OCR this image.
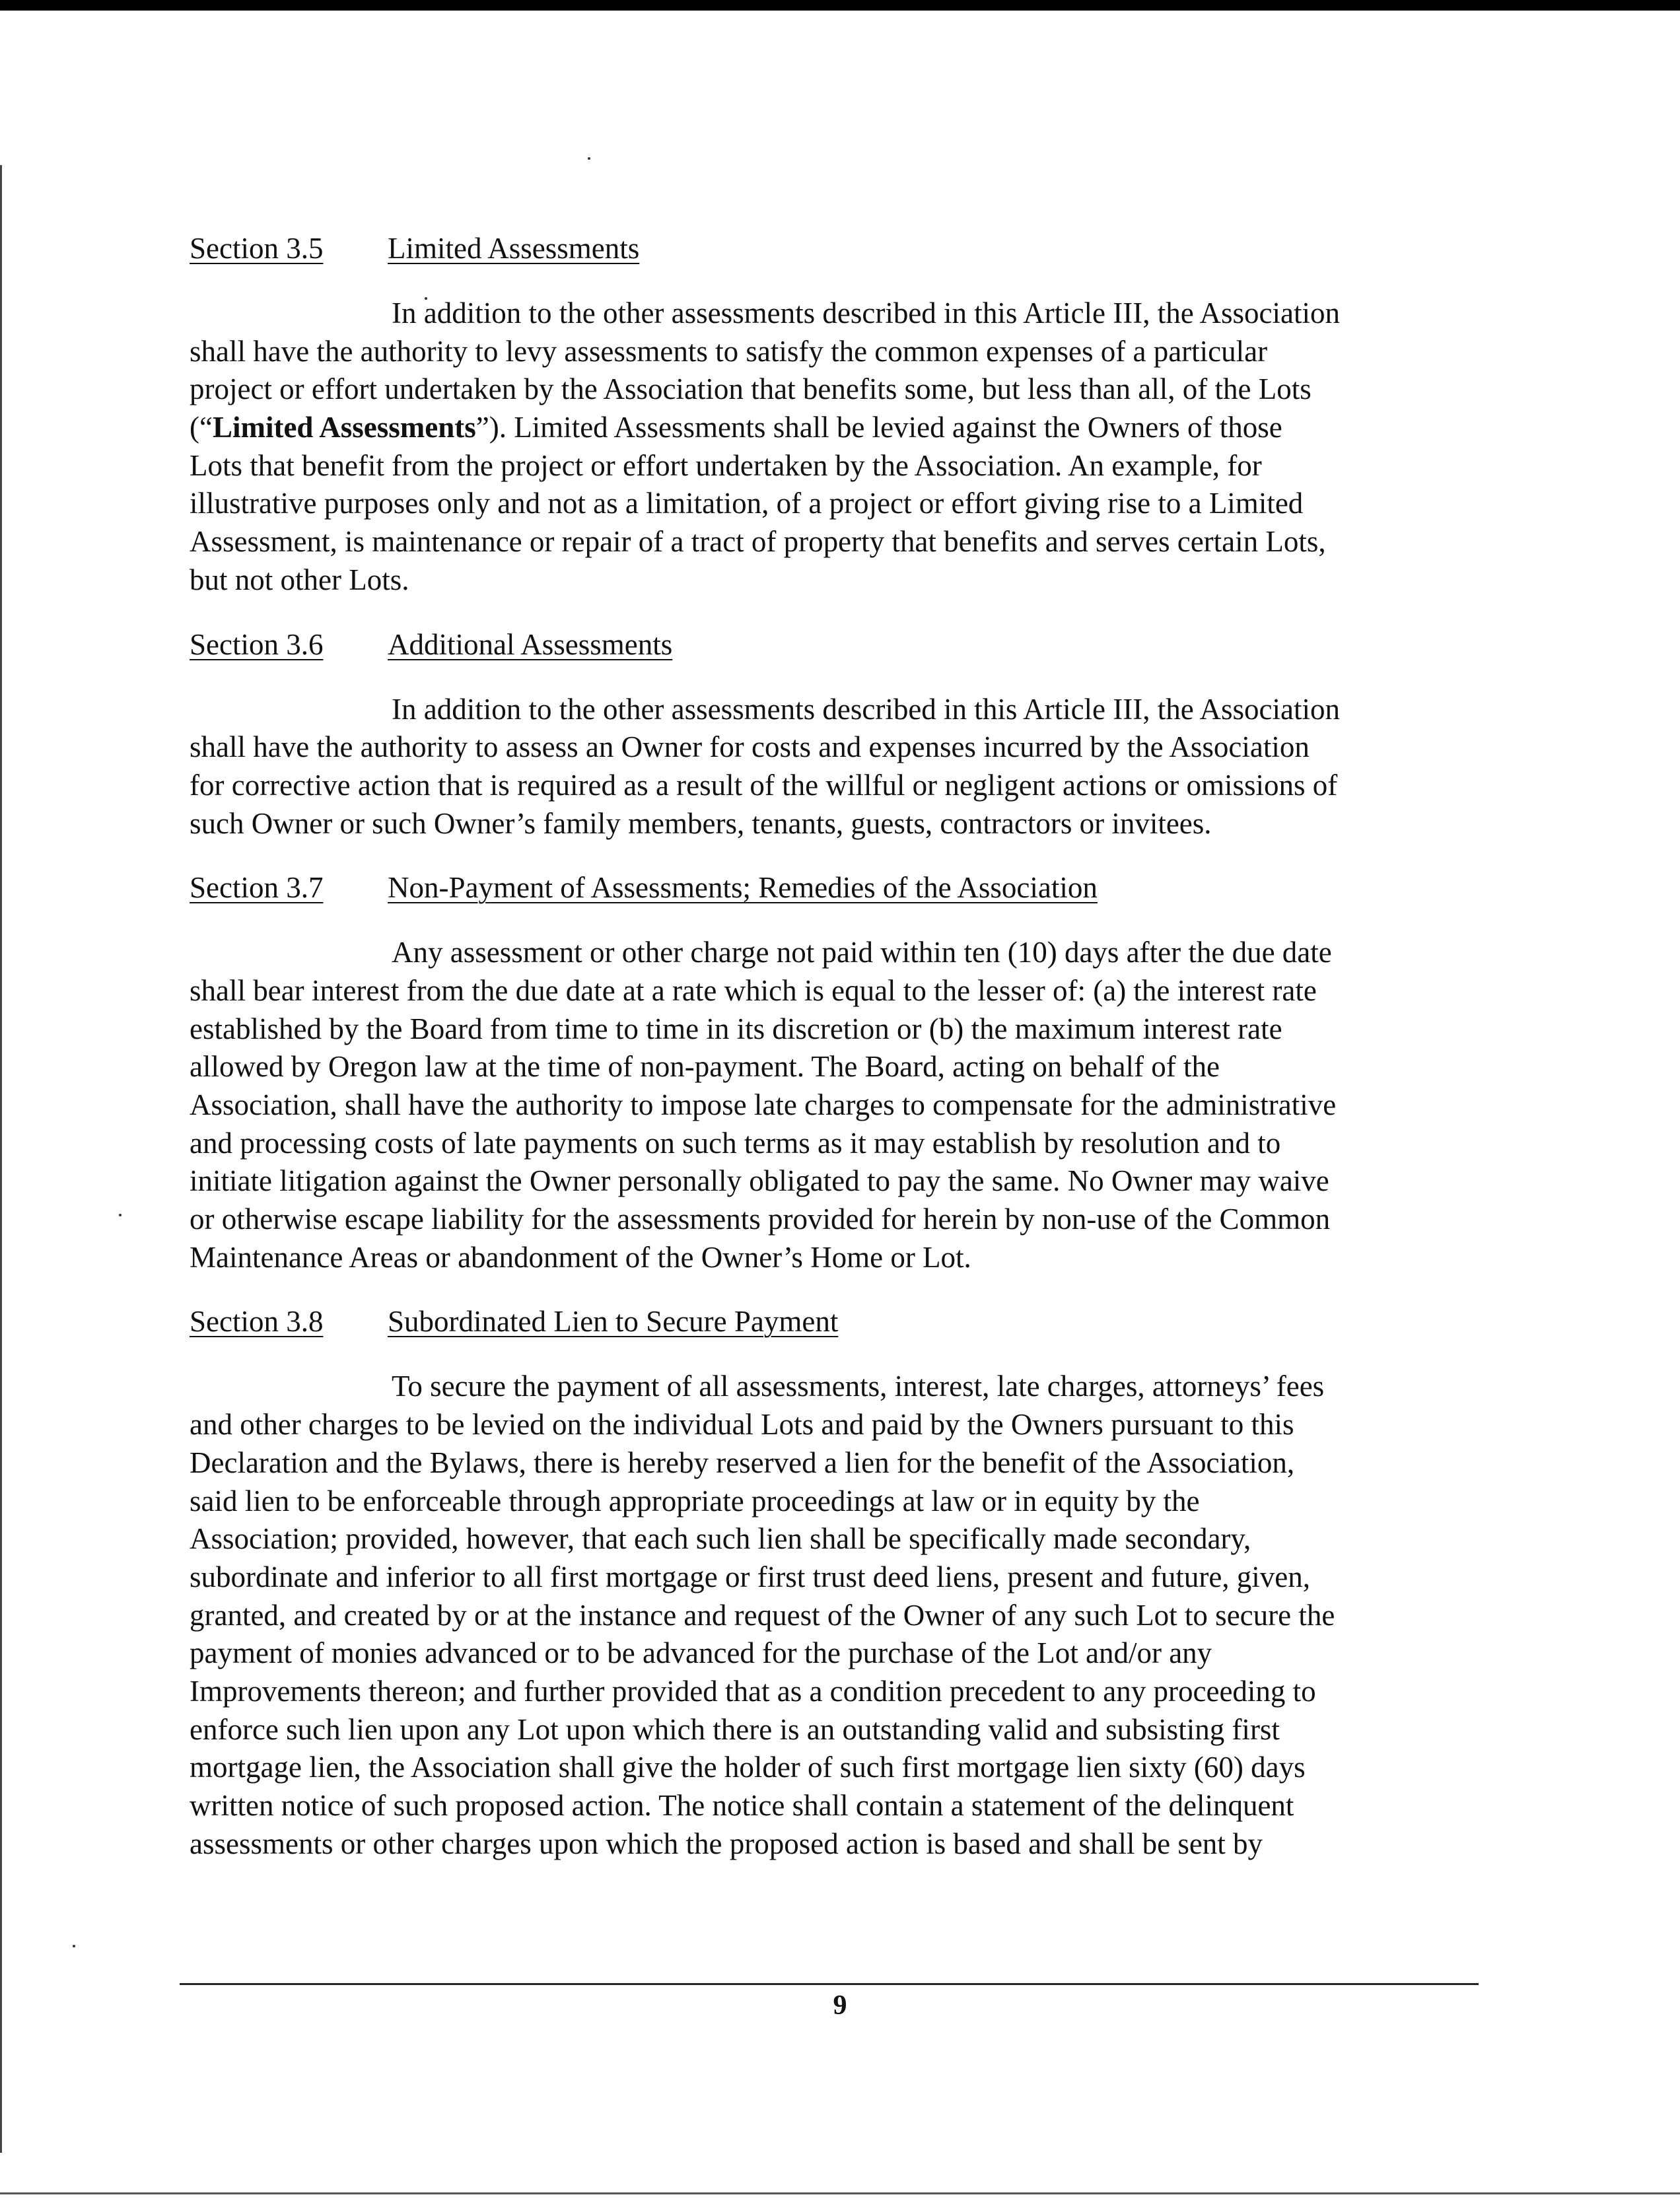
Section 3.5	Limited Assessments
In addition to the other assessments described in this Article III, the Association
shall have the authority to levy assessments to satisfy the common expenses of a particular
project or effort undertaken by the Association that benefits some, but less than all, of the Lots
(“Limited Assessments”). Limited Assessments shall be levied against the Owners of those
Lots that benefit from the project or effort undertaken by the Association. An example, for
illustrative purposes only and not as a limitation, of a project or effort giving rise to a Limited
Assessment, is maintenance or repair of a tract of property that benefits and serves certain Lots,
but not other Lots.
Section 3.6	Additional Assessments
In addition to the other assessments described in this Article III, the Association
shall have the authority to assess an Owner for costs and expenses incurred by the Association
for corrective action that is required as a result of the willful or negligent actions or omissions of
such Owner or such Owner’s family members, tenants, guests, contractors or invitees.
Section 3.7	Non-Payment of Assessments; Remedies of the Association
Any assessment or other charge not paid within ten (10) days after the due date
shall bear interest from the due date at a rate which is equal to the lesser of: (a) the interest rate
established by the Board from time to time in its discretion or (b) the maximum interest rate
allowed by Oregon law at the time of non-payment. The Board, acting on behalf of the
Association, shall have the authority to impose late charges to compensate for the administrative
and processing costs of late payments on such terms as it may establish by resolution and to
initiate litigation against the Owner personally obligated to pay the same. No Owner may waive
or otherwise escape liability for the assessments provided for herein by non-use of the Common
Maintenance Areas or abandonment of the Owner’s Home or Lot.
Section 3.8	Subordinated Lien to Secure Payment
To secure the payment of all assessments, interest, late charges, attorneys’ fees
and other charges to be levied on the individual Lots and paid by the Owners pursuant to this
Declaration and the Bylaws, there is hereby reserved a lien for the benefit of the Association,
said lien to be enforceable through appropriate proceedings at law or in equity by the
Association; provided, however, that each such lien shall be specifically made secondary,
subordinate and inferior to all first mortgage or first trust deed liens, present and future, given,
granted, and created by or at the instance and request of the Owner of any such Lot to secure the
payment of monies advanced or to be advanced for the purchase of the Lot and/or any
Improvements thereon; and further provided that as a condition precedent to any proceeding to
enforce such lien upon any Lot upon which there is an outstanding valid and subsisting first
mortgage lien, the Association shall give the holder of such first mortgage lien sixty (60) days
written notice of such proposed action. The notice shall contain a statement of the delinquent
assessments or other charges upon which the proposed action is based and shall be sent by
9
